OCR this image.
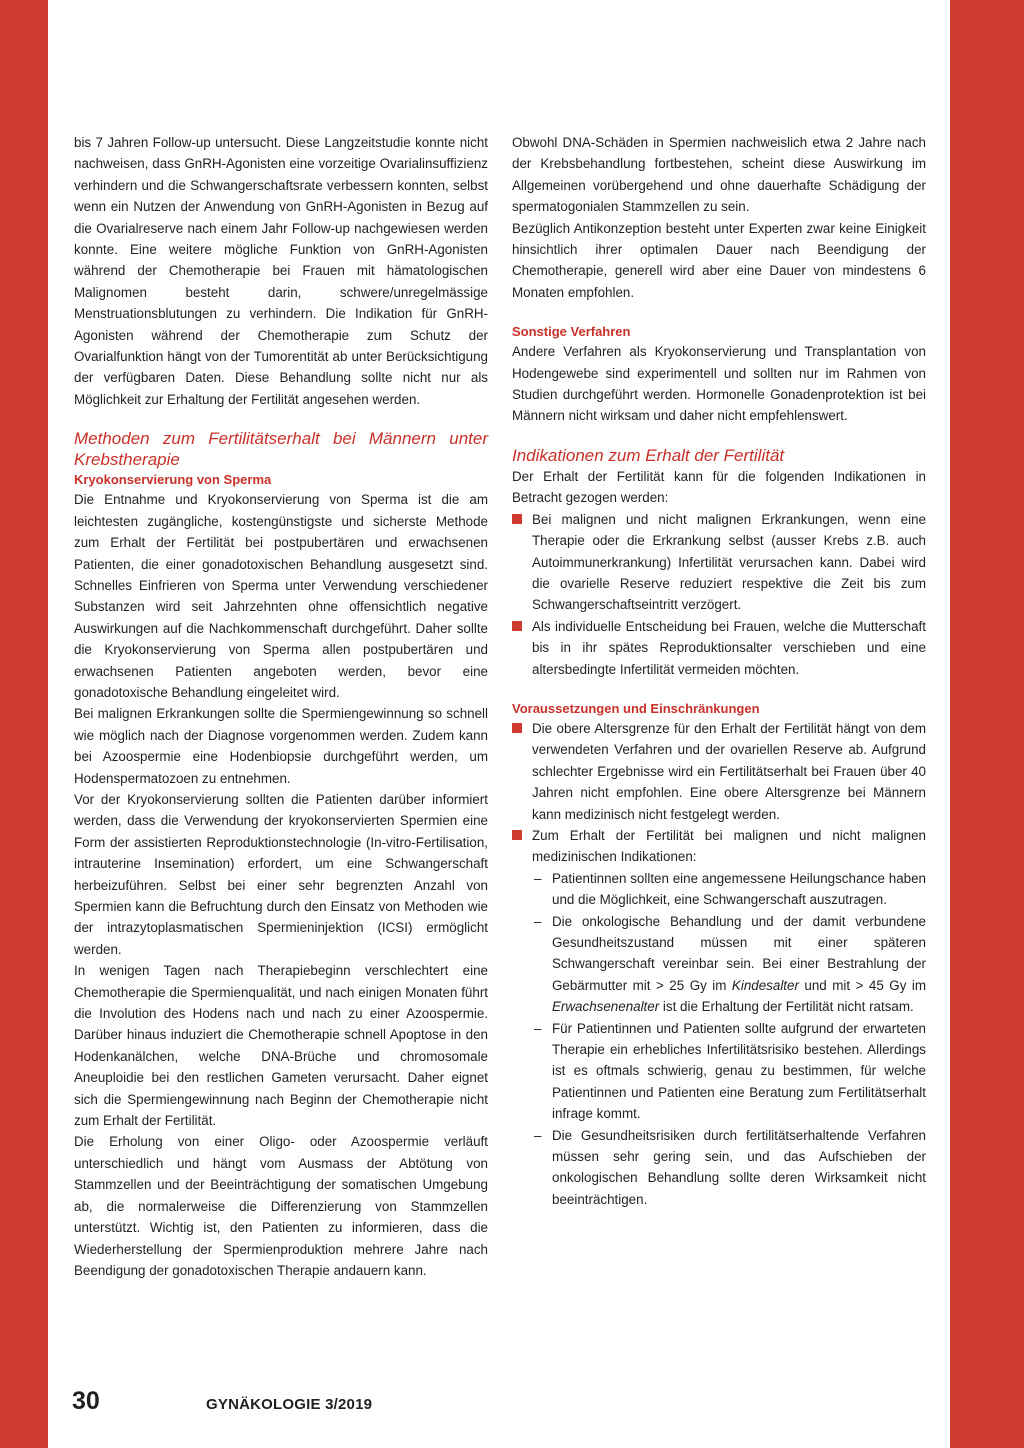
bis 7 Jahren Follow-up untersucht. Diese Langzeitstudie konnte nicht nachweisen, dass GnRH-Agonisten eine vorzeitige Ovarialinsuffizienz verhindern und die Schwangerschaftsrate verbessern konnten, selbst wenn ein Nutzen der Anwendung von GnRH-Agonisten in Bezug auf die Ovarialreserve nach einem Jahr Follow-up nachgewiesen werden konnte. Eine weitere mögliche Funktion von GnRH-Agonisten während der Chemotherapie bei Frauen mit hämatologischen Malignomen besteht darin, schwere/unregelmässige Menstruationsblutungen zu verhindern. Die Indikation für GnRH-Agonisten während der Chemotherapie zum Schutz der Ovarialfunktion hängt von der Tumorentität ab unter Berücksichtigung der verfügbaren Daten. Diese Behandlung sollte nicht nur als Möglichkeit zur Erhaltung der Fertilität angesehen werden.

Methoden zum Fertilitätserhalt bei Männern unter Krebstherapie
Kryokonservierung von Sperma

Die Entnahme und Kryokonservierung von Sperma ist die am leichtesten zugängliche, kostengünstigste und sicherste Methode zum Erhalt der Fertilität bei postpubertären und erwachsenen Patienten, die einer gonadotoxischen Behandlung ausgesetzt sind. Schnelles Einfrieren von Sperma unter Verwendung verschiedener Substanzen wird seit Jahrzehnten ohne offensichtlich negative Auswirkungen auf die Nachkommenschaft durchgeführt. Daher sollte die Kryokonservierung von Sperma allen postpubertären und erwachsenen Patienten angeboten werden, bevor eine gonadotoxische Behandlung eingeleitet wird.

Bei malignen Erkrankungen sollte die Spermiengewinnung so schnell wie möglich nach der Diagnose vorgenommen werden. Zudem kann bei Azoospermie eine Hodenbiopsie durchgeführt werden, um Hodenspermatozoen zu entnehmen.

Vor der Kryokonservierung sollten die Patienten darüber informiert werden, dass die Verwendung der kryokonservierten Spermien eine Form der assistierten Reproduktionstechnologie (In-vitro-Fertilisation, intrauterine Insemination) erfordert, um eine Schwangerschaft herbeizuführen. Selbst bei einer sehr begrenzten Anzahl von Spermien kann die Befruchtung durch den Einsatz von Methoden wie der intrazytoplasmatischen Spermieninjektion (ICSI) ermöglicht werden.

In wenigen Tagen nach Therapiebeginn verschlechtert eine Chemotherapie die Spermienqualität, und nach einigen Monaten führt die Involution des Hodens nach und nach zu einer Azoospermie. Darüber hinaus induziert die Chemotherapie schnell Apoptose in den Hodenkanälchen, welche DNA-Brüche und chromosomale Aneuploidie bei den restlichen Gameten verursacht. Daher eignet sich die Spermiengewinnung nach Beginn der Chemotherapie nicht zum Erhalt der Fertilität.

Die Erholung von einer Oligo- oder Azoospermie verläuft unterschiedlich und hängt vom Ausmass der Abtötung von Stammzellen und der Beeinträchtigung der somatischen Umgebung ab, die normalerweise die Differenzierung von Stammzellen unterstützt. Wichtig ist, den Patienten zu informieren, dass die Wiederherstellung der Spermienproduktion mehrere Jahre nach Beendigung der gonadotoxischen Therapie andauern kann.

Obwohl DNA-Schäden in Spermien nachweislich etwa 2 Jahre nach der Krebsbehandlung fortbestehen, scheint diese Auswirkung im Allgemeinen vorübergehend und ohne dauerhafte Schädigung der spermatogonialen Stammzellen zu sein.

Bezüglich Antikonzeption besteht unter Experten zwar keine Einigkeit hinsichtlich ihrer optimalen Dauer nach Beendigung der Chemotherapie, generell wird aber eine Dauer von mindestens 6 Monaten empfohlen.

Sonstige Verfahren

Andere Verfahren als Kryokonservierung und Transplantation von Hodengewebe sind experimentell und sollten nur im Rahmen von Studien durchgeführt werden. Hormonelle Gonadenprotektion ist bei Männern nicht wirksam und daher nicht empfehlenswert.

Indikationen zum Erhalt der Fertilität

Der Erhalt der Fertilität kann für die folgenden Indikationen in Betracht gezogen werden:

Bei malignen und nicht malignen Erkrankungen, wenn eine Therapie oder die Erkrankung selbst (ausser Krebs z.B. auch Autoimmunerkrankung) Infertilität verursachen kann. Dabei wird die ovarielle Reserve reduziert respektive die Zeit bis zum Schwangerschaftseintritt verzögert.
Als individuelle Entscheidung bei Frauen, welche die Mutterschaft bis in ihr spätes Reproduktionsalter verschieben und eine altersbedingte Infertilität vermeiden möchten.
Voraussetzungen und Einschränkungen
Die obere Altersgrenze für den Erhalt der Fertilität hängt von dem verwendeten Verfahren und der ovariellen Reserve ab. Aufgrund schlechter Ergebnisse wird ein Fertilitätserhalt bei Frauen über 40 Jahren nicht empfohlen. Eine obere Altersgrenze bei Männern kann medizinisch nicht festgelegt werden.
Zum Erhalt der Fertilität bei malignen und nicht malignen medizinischen Indikationen:
– Patientinnen sollten eine angemessene Heilungschance haben und die Möglichkeit, eine Schwangerschaft auszutragen.
– Die onkologische Behandlung und der damit verbundene Gesundheitszustand müssen mit einer späteren Schwangerschaft vereinbar sein. Bei einer Bestrahlung der Gebärmutter mit > 25 Gy im Kindesalter und mit > 45 Gy im Erwachsenenalter ist die Erhaltung der Fertilität nicht ratsam.
– Für Patientinnen und Patienten sollte aufgrund der erwarteten Therapie ein erhebliches Infertilitätsrisiko bestehen. Allerdings ist es oftmals schwierig, genau zu bestimmen, für welche Patientinnen und Patienten eine Beratung zum Fertilitätserhalt infrage kommt.
– Die Gesundheitsrisiken durch fertilitätserhaltende Verfahren müssen sehr gering sein, und das Aufschieben der onkologischen Behandlung sollte deren Wirksamkeit nicht beeinträchtigen.
30	GYNÄKOLOGIE 3/2019
